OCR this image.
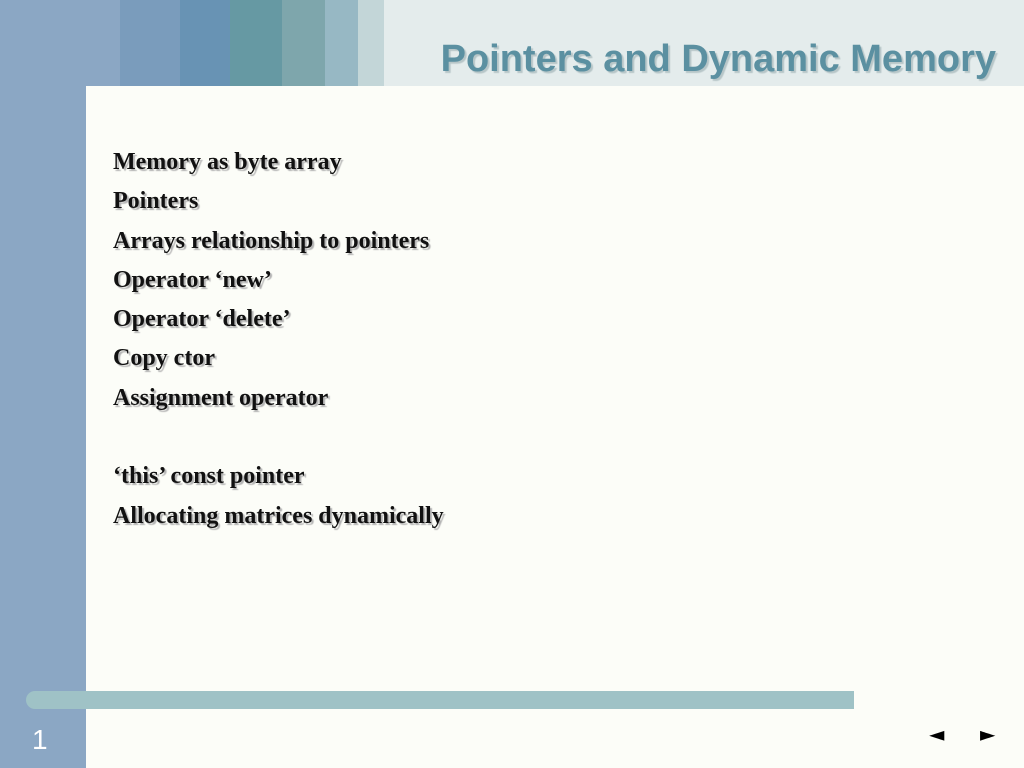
Pointers and Dynamic Memory
Memory as byte array
Pointers
Arrays relationship to pointers
Operator ‘new’
Operator ‘delete’
Copy ctor
Assignment operator
‘this’ const pointer
Allocating matrices dynamically
1	◄ ►
